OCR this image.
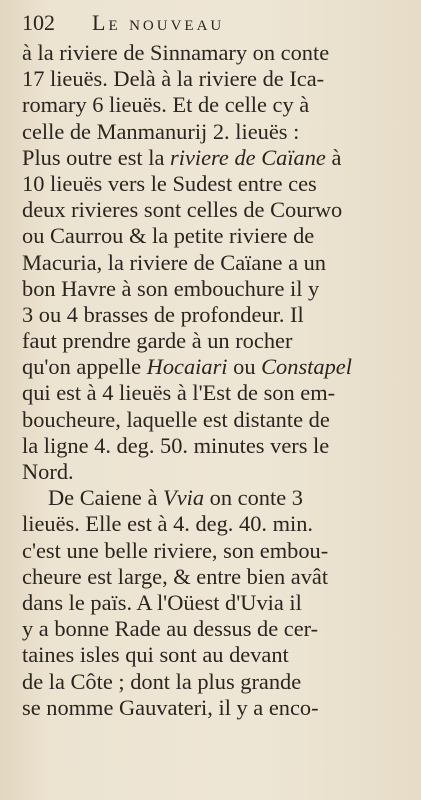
102	Le nouveau
à la riviere de Sinnamary on conte
17 lieuës. Delà à la riviere de Ica-
romary 6 lieuës. Et de celle cy à
celle de Manmanurij 2. lieuës :
Plus outre est la riviere de Caïane à
10 lieuës vers le Sudest entre ces
deux rivieres sont celles de Courwo
ou Caurrou & la petite riviere de
Macuria, la riviere de Caïane a un
bon Havre à son embouchure il y
3 ou 4 brasses de profondeur. Il
faut prendre garde à un rocher
qu'on appelle Hocaiari ou Constapel
qui est à 4 lieuës à l'Est de son em-
boucheure, laquelle est distante de
la ligne 4. deg. 50. minutes vers le
Nord.
De Caiene à Vvia on conte 3
lieuës. Elle est à 4. deg. 40. min.
c'est une belle riviere, son embou-
cheure est large, & entre bien avât
dans le païs. A l'Oüest d'Uvia il
y a bonne Rade au dessus de cer-
taines isles qui sont au devant
de la Côte ; dont la plus grande
se nomme Gauvateri, il y a enco-
